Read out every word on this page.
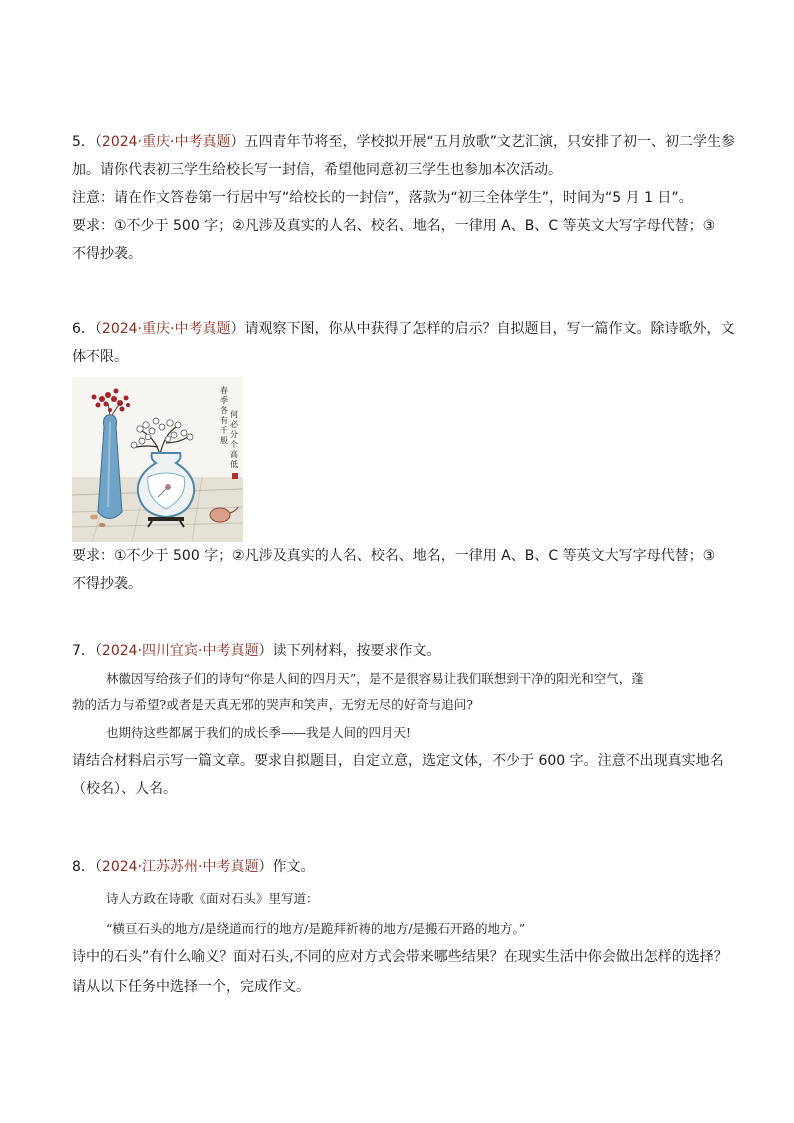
5．（2024·重庆·中考真题）五四青年节将至，学校拟开展“五月放歌”文艺汇演，只安排了初一、初二学生参
加。请你代表初三学生给校长写一封信，希望他同意初三学生也参加本次活动。
注意：请在作文答卷第一行居中写“给校长的一封信”，落款为“初三全体学生”，时间为“5 月 1 日”。
要求：①不少于 500 字；②凡涉及真实的人名、校名、地名，一律用 A、B、C 等英文大写字母代替；③
不得抄袭。
6．（2024·重庆·中考真题）请观察下图，你从中获得了怎样的启示？自拟题目，写一篇作文。除诗歌外，文
体不限。
春
季
各
有
千
般
何
必
分
个
高
低
要求：①不少于 500 字；②凡涉及真实的人名、校名、地名，一律用 A、B、C 等英文大写字母代替；③
不得抄袭。
7．（2024·四川宜宾·中考真题）读下列材料，按要求作文。
林徽因写给孩子们的诗句“你是人间的四月天”，是不是很容易让我们联想到干净的阳光和空气，蓬
勃的活力与希望?或者是天真无邪的哭声和笑声，无穷无尽的好奇与追问?
也期待这些都属于我们的成长季——我是人间的四月天!
请结合材料启示写一篇文章。要求自拟题目，自定立意，选定文体，不少于 600 字。注意不出现真实地名
（校名）、人名。
8．（2024·江苏苏州·中考真题）作文。
诗人方政在诗歌《面对石头》里写道：
“横亘石头的地方/是绕道而行的地方/是跪拜祈祷的地方/是搬石开路的地方。”
诗中的石头”有什么喻义？面对石头,不同的应对方式会带来哪些结果？在现实生活中你会做出怎样的选择？
请从以下任务中选择一个，完成作文。
